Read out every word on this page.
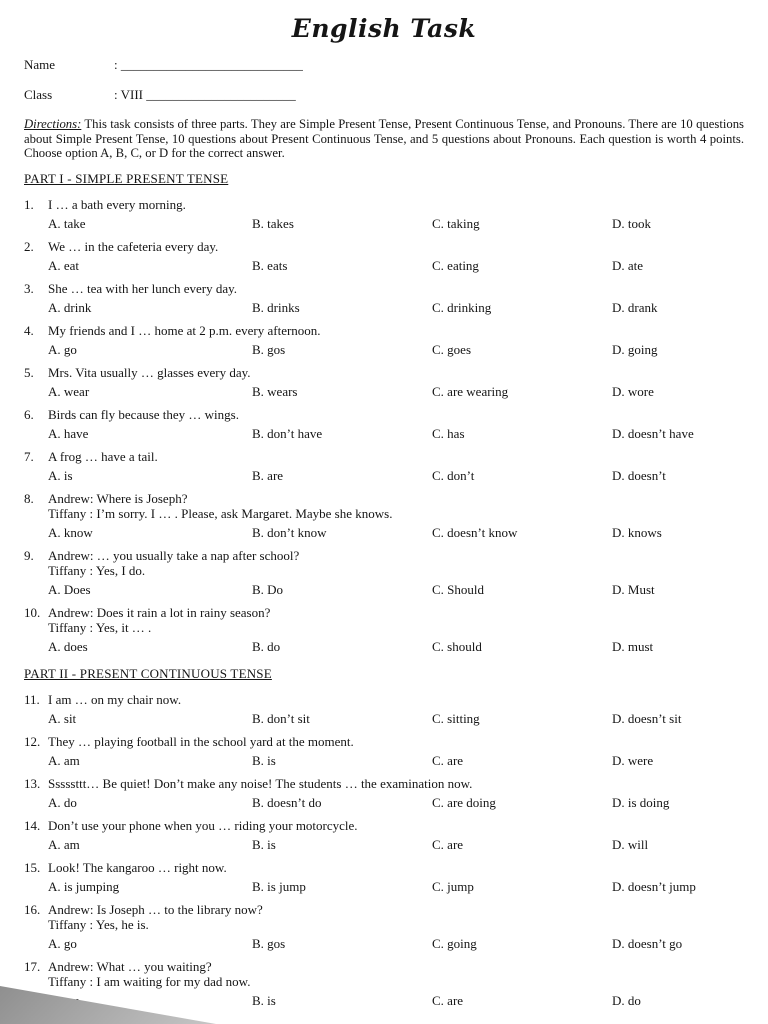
English Task
Name	: ____________________________
Class	: VIII _______________________
Directions: This task consists of three parts. They are Simple Present Tense, Present Continuous Tense, and Pronouns. There are 10 questions about Simple Present Tense, 10 questions about Present Continuous Tense, and 5 questions about Pronouns. Each question is worth 4 points. Choose option A, B, C, or D for the correct answer.
PART I - SIMPLE PRESENT TENSE
1.	I … a bath every morning.
A. take	B. takes	C. taking	D. took
2.	We … in the cafeteria every day.
A. eat	B. eats	C. eating	D. ate
3.	She … tea with her lunch every day.
A. drink	B. drinks	C. drinking	D. drank
4.	My friends and I … home at 2 p.m. every afternoon.
A. go	B. gos	C. goes	D. going
5.	Mrs. Vita usually … glasses every day.
A. wear	B. wears	C. are wearing	D. wore
6.	Birds can fly because they … wings.
A. have	B. don’t have	C. has	D. doesn’t have
7.	A frog … have a tail.
A. is	B. are	C. don’t	D. doesn’t
8.	Andrew: Where is Joseph?
Tiffany : I’m sorry. I … . Please, ask Margaret. Maybe she knows.
A. know	B. don’t know	C. doesn’t know	D. knows
9.	Andrew: … you usually take a nap after school?
Tiffany : Yes, I do.
A. Does	B. Do	C. Should	D. Must
10. Andrew: Does it rain a lot in rainy season?
Tiffany : Yes, it … .
A. does	B. do	C. should	D. must
PART II - PRESENT CONTINUOUS TENSE
11. I am … on my chair now.
A. sit	B. don’t sit	C. sitting	D. doesn’t sit
12. They … playing football in the school yard at the moment.
A. am	B. is	C. are	D. were
13. Sssssttt… Be quiet! Don’t make any noise! The students … the examination now.
A. do	B. doesn’t do	C. are doing	D. is doing
14. Don’t use your phone when you … riding your motorcycle.
A. am	B. is	C. are	D. will
15. Look! The kangaroo … right now.
A. is jumping	B. is jump	C. jump	D. doesn’t jump
16. Andrew: Is Joseph … to the library now?
Tiffany : Yes, he is.
A. go	B. gos	C. going	D. doesn’t go
17. Andrew: What … you waiting?
Tiffany : I am waiting for my dad now.
B. is	C. are	D. do
